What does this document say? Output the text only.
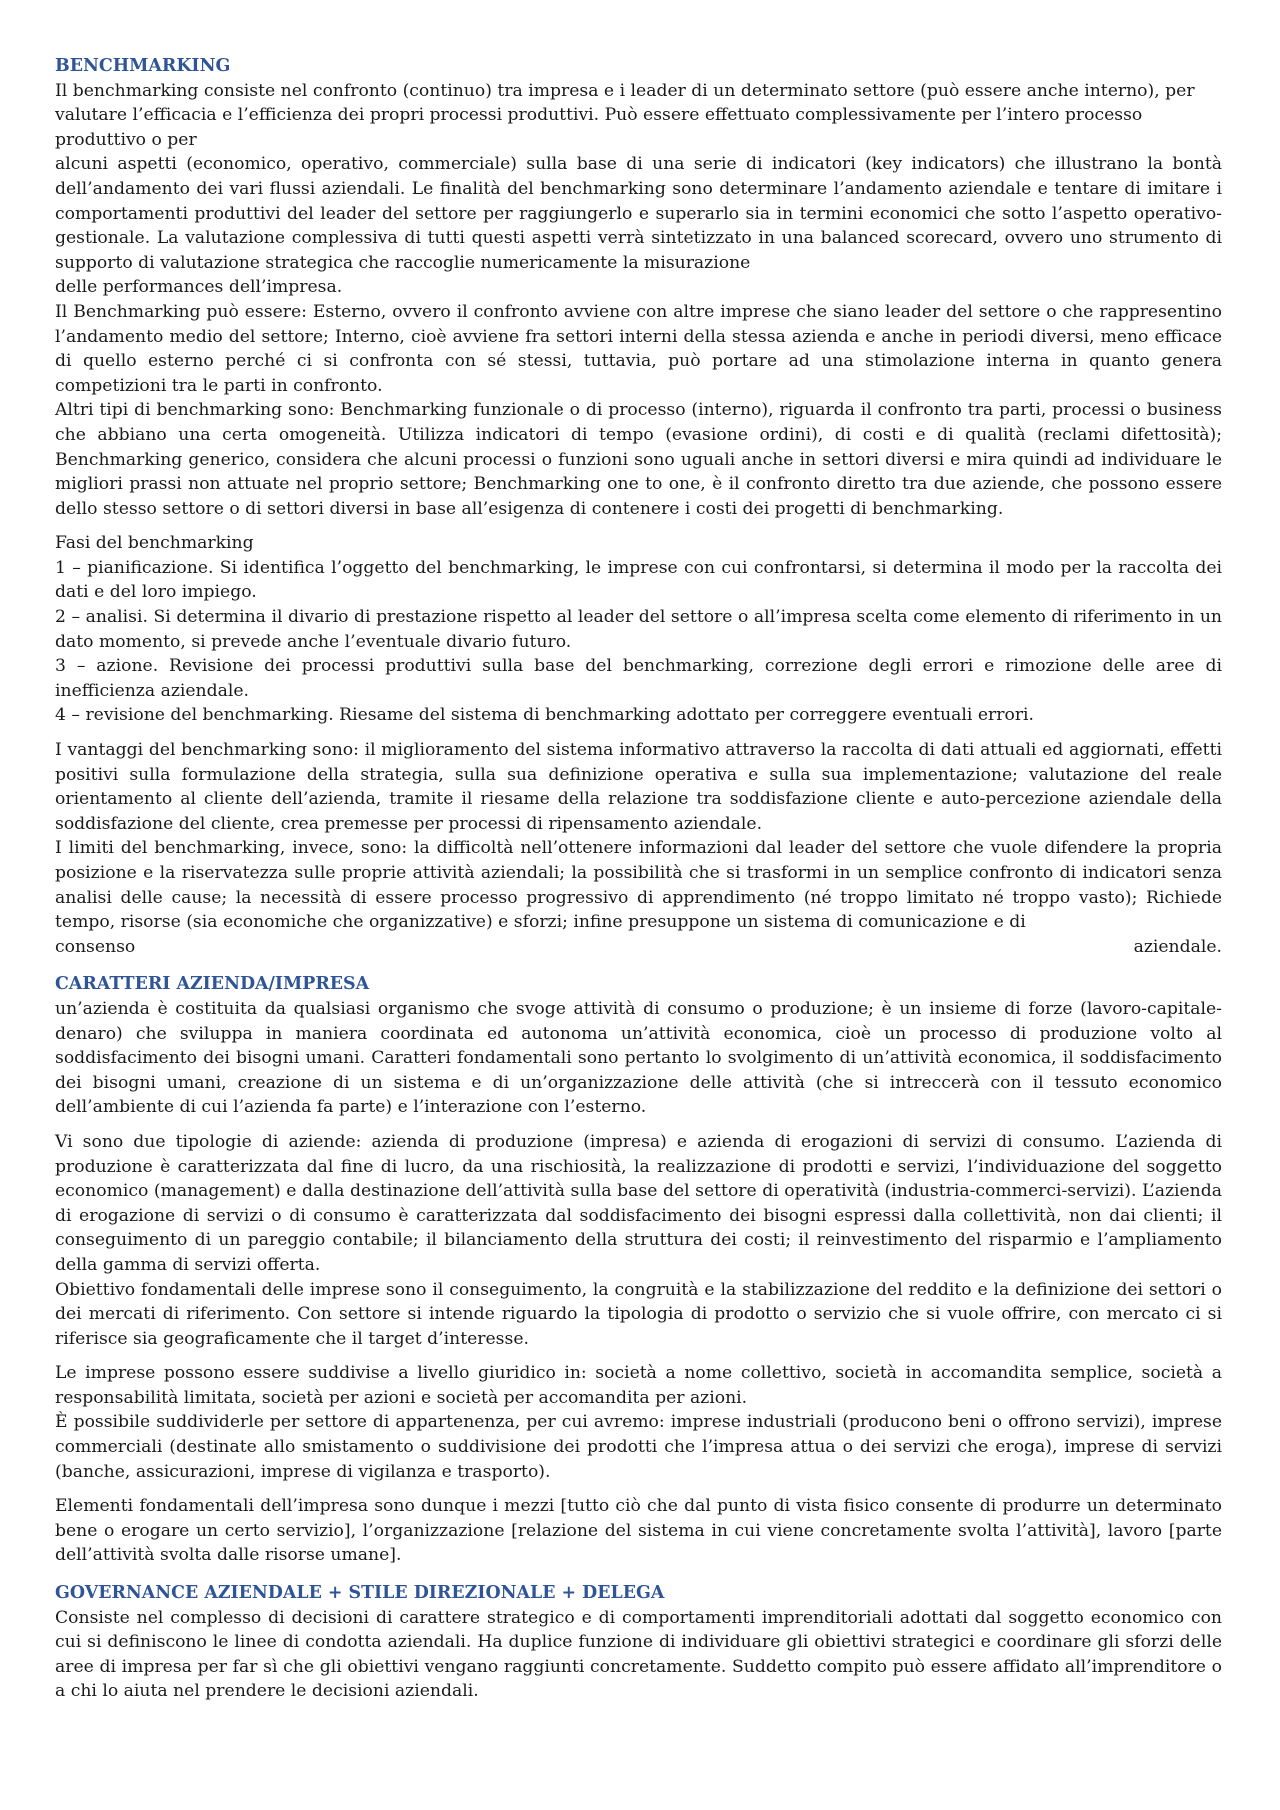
BENCHMARKING

Il benchmarking consiste nel confronto (continuo) tra impresa e i leader di un determinato settore (può essere anche interno), per valutare l’efficacia e l’efficienza dei propri processi produttivi. Può essere effettuato complessivamente per l’intero processo produttivo o per

alcuni aspetti (economico, operativo, commerciale) sulla base di una serie di indicatori (key indicators) che illustrano la bontà dell’andamento dei vari flussi aziendali. Le finalità del benchmarking sono determinare l’andamento aziendale e tentare di imitare i comportamenti produttivi del leader del settore per raggiungerlo e superarlo sia in termini economici che sotto l’aspetto operativo-gestionale. La valutazione complessiva di tutti questi aspetti verrà sintetizzato in una balanced scorecard, ovvero uno strumento di supporto di valutazione strategica che raccoglie numericamente la misurazione

delle performances dell’impresa.

Il Benchmarking può essere: Esterno, ovvero il confronto avviene con altre imprese che siano leader del settore o che rappresentino l’andamento medio del settore; Interno, cioè avviene fra settori interni della stessa azienda e anche in periodi diversi, meno efficace di quello esterno perché ci si confronta con sé stessi, tuttavia, può portare ad una stimolazione interna in quanto genera competizioni tra le parti in confronto.

Altri tipi di benchmarking sono: Benchmarking funzionale o di processo (interno), riguarda il confronto tra parti, processi o business che abbiano una certa omogeneità. Utilizza indicatori di tempo (evasione ordini), di costi e di qualità (reclami difettosità); Benchmarking generico, considera che alcuni processi o funzioni sono uguali anche in settori diversi e mira quindi ad individuare le migliori prassi non attuate nel proprio settore; Benchmarking one to one, è il confronto diretto tra due aziende, che possono essere dello stesso settore o di settori diversi in base all’esigenza di contenere i costi dei progetti di benchmarking.

Fasi del benchmarking

1 – pianificazione. Si identifica l’oggetto del benchmarking, le imprese con cui confrontarsi, si determina il modo per la raccolta dei dati e del loro impiego.

2 – analisi. Si determina il divario di prestazione rispetto al leader del settore o all’impresa scelta come elemento di riferimento in un dato momento, si prevede anche l’eventuale divario futuro.

3 – azione. Revisione dei processi produttivi sulla base del benchmarking, correzione degli errori e rimozione delle aree di inefficienza aziendale.

4 – revisione del benchmarking. Riesame del sistema di benchmarking adottato per correggere eventuali errori.

I vantaggi del benchmarking sono: il miglioramento del sistema informativo attraverso la raccolta di dati attuali ed aggiornati, effetti positivi sulla formulazione della strategia, sulla sua definizione operativa e sulla sua implementazione; valutazione del reale orientamento al cliente dell’azienda, tramite il riesame della relazione tra soddisfazione cliente e auto-percezione aziendale della soddisfazione del cliente, crea premesse per processi di ripensamento aziendale.

I limiti del benchmarking, invece, sono: la difficoltà nell’ottenere informazioni dal leader del settore che vuole difendere la propria posizione e la riservatezza sulle proprie attività aziendali; la possibilità che si trasformi in un semplice confronto di indicatori senza analisi delle cause; la necessità di essere processo progressivo di apprendimento (né troppo limitato né troppo vasto); Richiede tempo, risorse (sia economiche che organizzative) e sforzi; infine presuppone un sistema di comunicazione e di

consenso	aziendale.
CARATTERI AZIENDA/IMPRESA

un’azienda è costituita da qualsiasi organismo che svoge attività di consumo o produzione; è un insieme di forze (lavoro-capitale-denaro) che sviluppa in maniera coordinata ed autonoma un’attività economica, cioè un processo di produzione volto al soddisfacimento dei bisogni umani. Caratteri fondamentali sono pertanto lo svolgimento di un’attività economica, il soddisfacimento dei bisogni umani, creazione di un sistema e di un’organizzazione delle attività (che si intreccerà con il tessuto economico dell’ambiente di cui l’azienda fa parte) e l’interazione con l’esterno.

Vi sono due tipologie di aziende: azienda di produzione (impresa) e azienda di erogazioni di servizi di consumo. L’azienda di produzione è caratterizzata dal fine di lucro, da una rischiosità, la realizzazione di prodotti e servizi, l’individuazione del soggetto economico (management) e dalla destinazione dell’attività sulla base del settore di operatività (industria-commerci-servizi). L’azienda di erogazione di servizi o di consumo è caratterizzata dal soddisfacimento dei bisogni espressi dalla collettività, non dai clienti; il conseguimento di un pareggio contabile; il bilanciamento della struttura dei costi; il reinvestimento del risparmio e l’ampliamento della gamma di servizi offerta.

Obiettivo fondamentali delle imprese sono il conseguimento, la congruità e la stabilizzazione del reddito e la definizione dei settori o dei mercati di riferimento. Con settore si intende riguardo la tipologia di prodotto o servizio che si vuole offrire, con mercato ci si riferisce sia geograficamente che il target d’interesse.

Le imprese possono essere suddivise a livello giuridico in: società a nome collettivo, società in accomandita semplice, società a responsabilità limitata, società per azioni e società per accomandita per azioni.

È possibile suddividerle per settore di appartenenza, per cui avremo: imprese industriali (producono beni o offrono servizi), imprese commerciali (destinate allo smistamento o suddivisione dei prodotti che l’impresa attua o dei servizi che eroga), imprese di servizi (banche, assicurazioni, imprese di vigilanza e trasporto).

Elementi fondamentali dell’impresa sono dunque i mezzi [tutto ciò che dal punto di vista fisico consente di produrre un determinato bene o erogare un certo servizio], l’organizzazione [relazione del sistema in cui viene concretamente svolta l’attività], lavoro [parte dell’attività svolta dalle risorse umane].

GOVERNANCE AZIENDALE + STILE DIREZIONALE + DELEGA

Consiste nel complesso di decisioni di carattere strategico e di comportamenti imprenditoriali adottati dal soggetto economico con cui si definiscono le linee di condotta aziendali. Ha duplice funzione di individuare gli obiettivi strategici e coordinare gli sforzi delle aree di impresa per far sì che gli obiettivi vengano raggiunti concretamente. Suddetto compito può essere affidato all’imprenditore o a chi lo aiuta nel prendere le decisioni aziendali.
